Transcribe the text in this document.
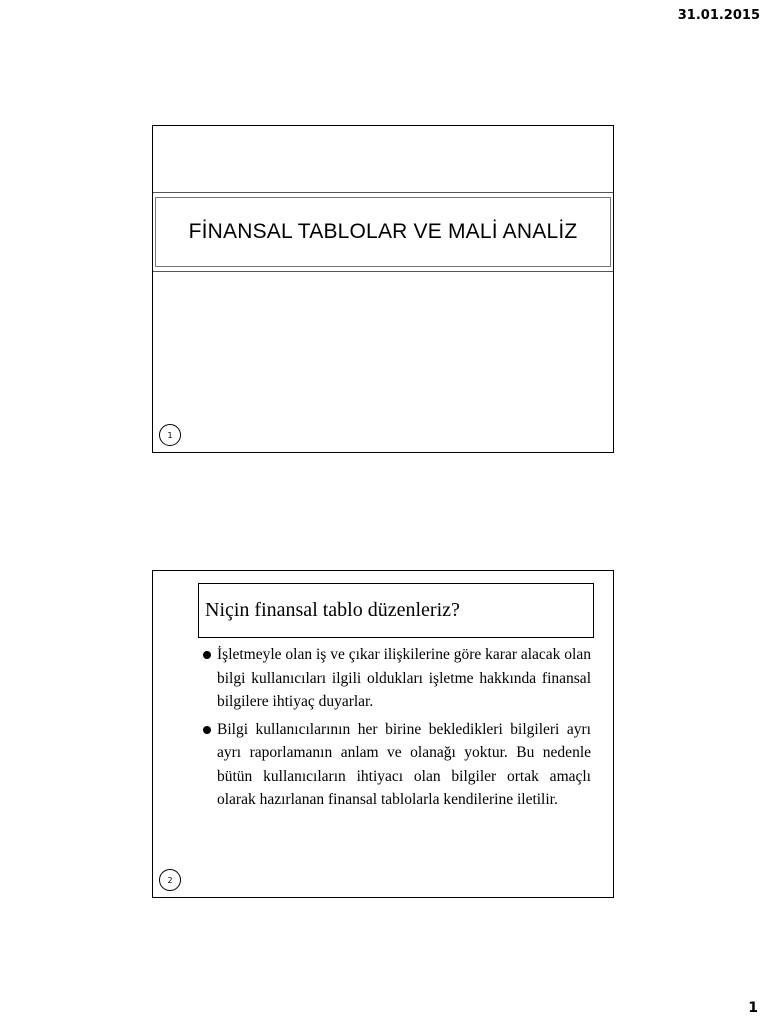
31.01.2015
FİNANSAL TABLOLAR VE MALİ ANALİZ
1
Niçin finansal tablo düzenleriz?
İşletmeyle olan iş ve çıkar ilişkilerine göre karar alacak olan bilgi kullanıcıları ilgili oldukları işletme hakkında finansal bilgilere ihtiyaç duyarlar.
Bilgi kullanıcılarının her birine bekledikleri bilgileri ayrı ayrı raporlamanın anlam ve olanağı yoktur. Bu nedenle bütün kullanıcıların ihtiyacı olan bilgiler ortak amaçlı olarak hazırlanan finansal tablolarla kendilerine iletilir.
2
1
